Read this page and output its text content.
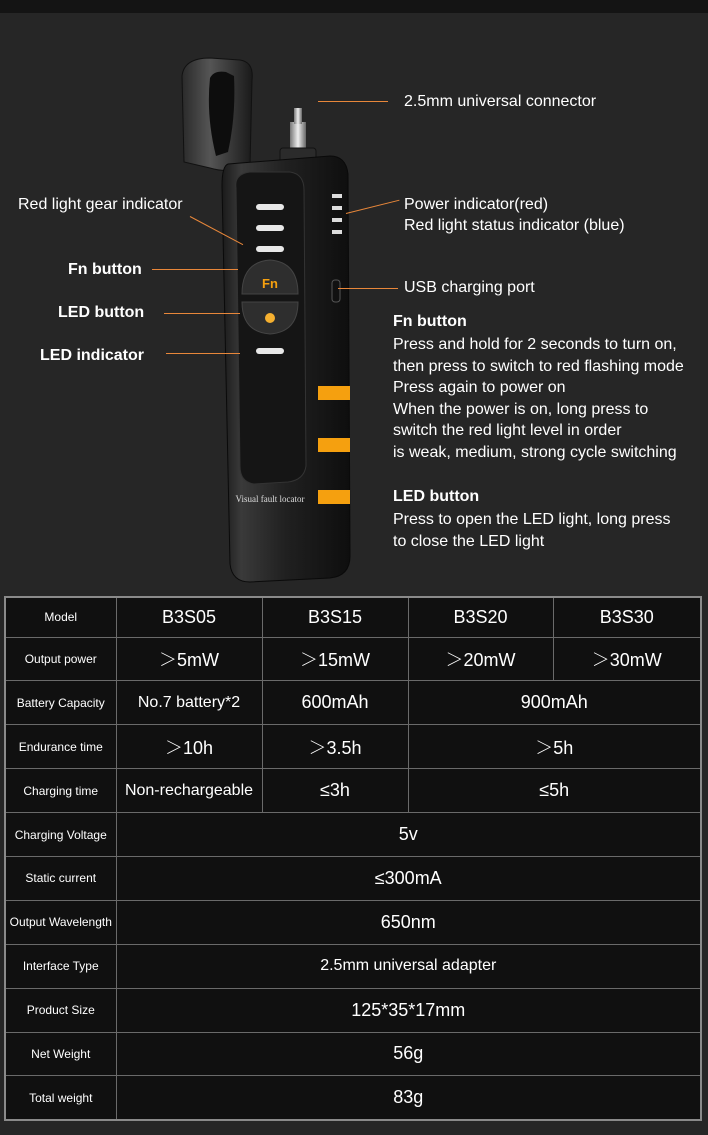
Fn
Visual fault locator
2.5mm universal connector
Red light gear indicator	Power indicator(red)
Red light status indicator (blue)
Fn button
USB charging port
LED button
LED indicator
Fn button
Press and hold for 2 seconds to turn on,
then press to switch to red flashing mode
Press again to power on
When the power is on, long press to
switch the red light level in order
is weak, medium, strong cycle switching
LED button
Press to open the LED light, long press
to close the LED light
Model	B3S05	B3S15	B3S20	B3S30
Output power	＞5mW	＞15mW	＞20mW	＞30mW
Battery Capacity	No.7 battery*2	600mAh	900mAh	
Endurance time	＞10h	＞3.5h	＞5h	
Charging time	Non-rechargeable	≤3h	≤5h	
Charging Voltage	5v			
Static current	≤300mA			
Output Wavelength	650nm			
Interface Type	2.5mm universal adapter			
Product Size	125*35*17mm			
Net Weight	56g			
Total weight	83g			
